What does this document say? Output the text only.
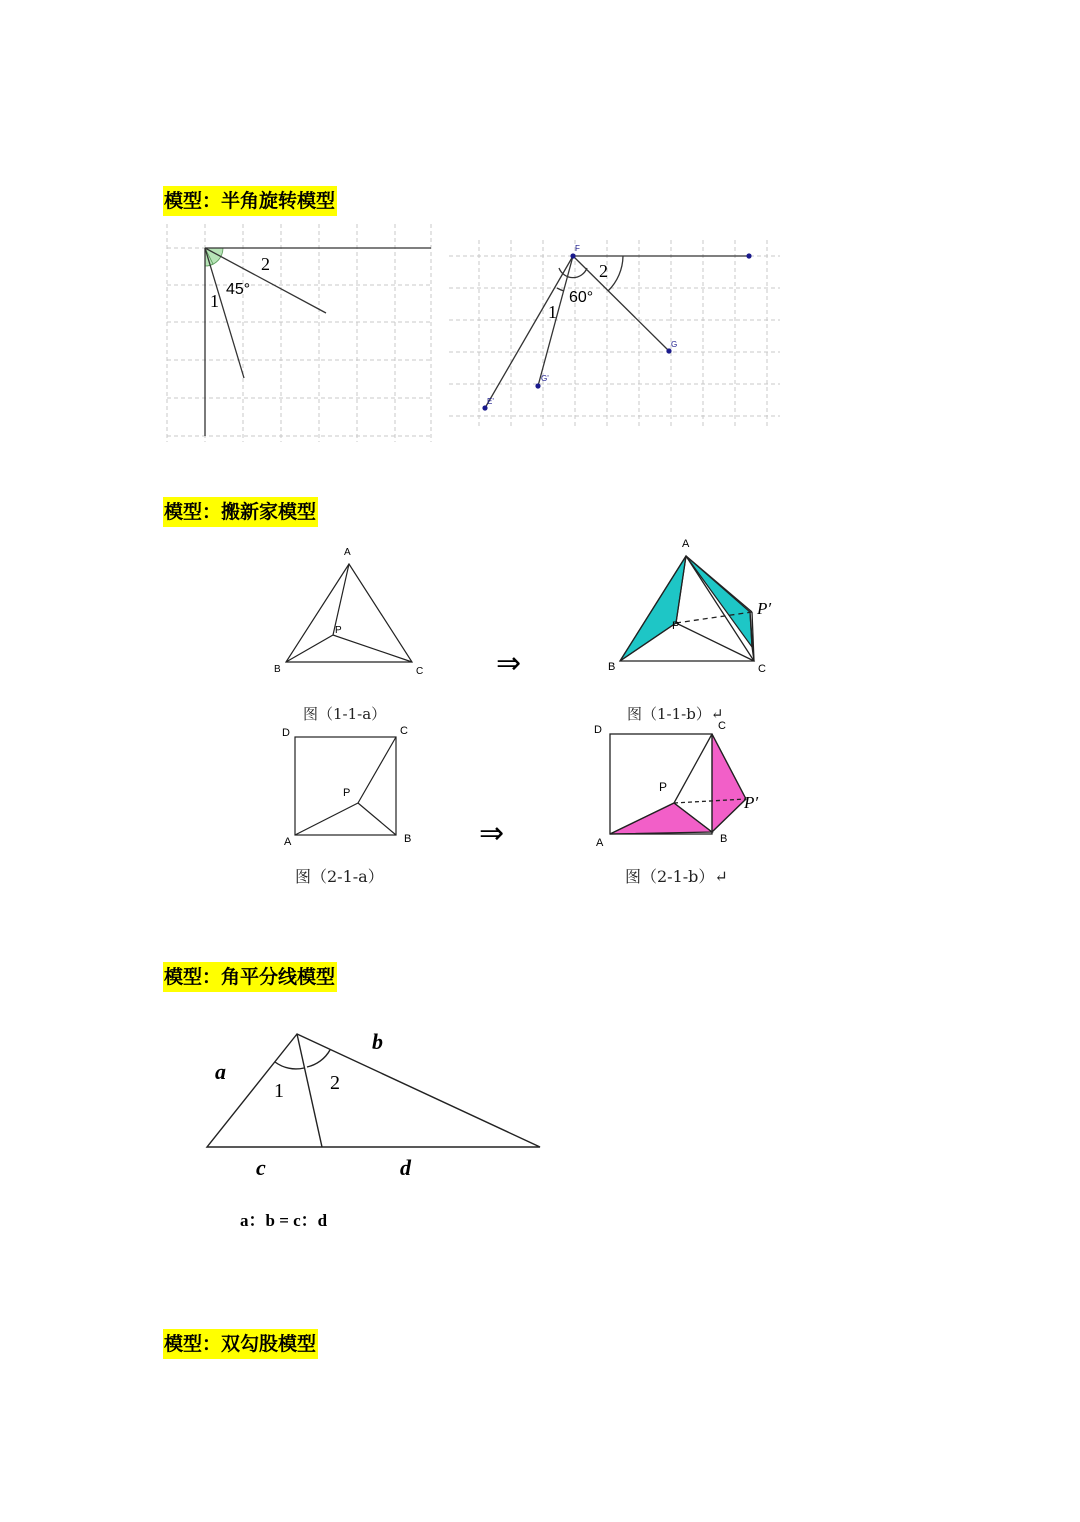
模型：半角旋转模型
2
45°
1
F
G
G'
E'
2
60°
1
模型：搬新家模型
A
B	C
P
图（1-1-a）
⇒
A
B	C
P
P′
图（1-1-b）↵
D	C
P
A	B
图（2-1-a）
⇒
D	C
P
A	B
P′
图（2-1-b）↵
模型：角平分线模型
a
b
c	d
1 2
a：b = c：d
模型：双勾股模型
